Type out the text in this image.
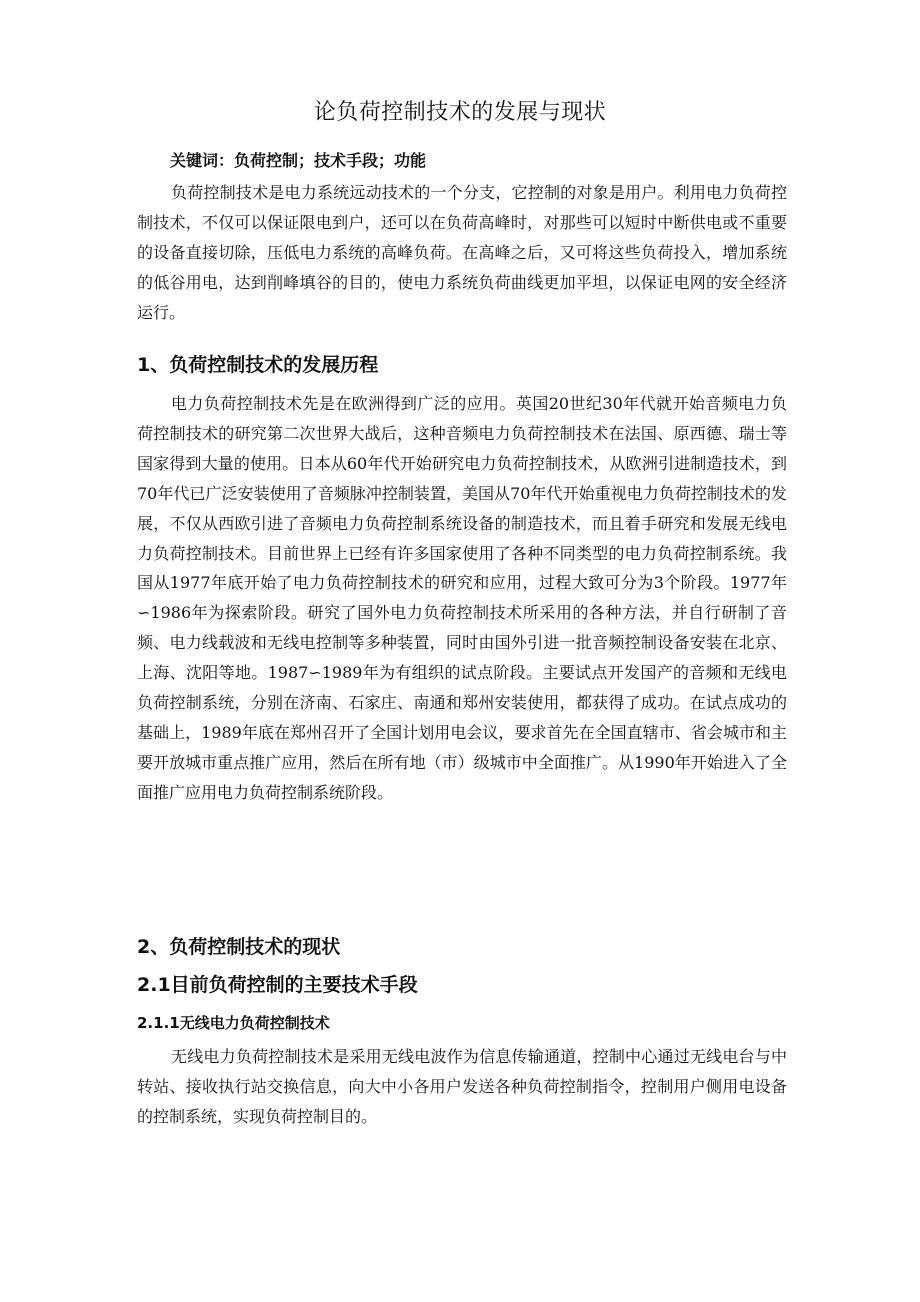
论负荷控制技术的发展与现状
关键词：负荷控制；技术手段；功能

负荷控制技术是电力系统远动技术的一个分支，它控制的对象是用户。利用电力负荷控制技术，不仅可以保证限电到户，还可以在负荷高峰时，对那些可以短时中断供电或不重要的设备直接切除，压低电力系统的高峰负荷。在高峰之后，又可将这些负荷投入，增加系统的低谷用电，达到削峰填谷的目的，使电力系统负荷曲线更加平坦，以保证电网的安全经济运行。

1、负荷控制技术的发展历程

电力负荷控制技术先是在欧洲得到广泛的应用。英国20世纪30年代就开始音频电力负荷控制技术的研究第二次世界大战后，这种音频电力负荷控制技术在法国、原西德、瑞士等国家得到大量的使用。日本从60年代开始研究电力负荷控制技术，从欧洲引进制造技术，到70年代已广泛安装使用了音频脉冲控制装置，美国从70年代开始重视电力负荷控制技术的发展，不仅从西欧引进了音频电力负荷控制系统设备的制造技术，而且着手研究和发展无线电力负荷控制技术。目前世界上已经有许多国家使用了各种不同类型的电力负荷控制系统。我国从1977年底开始了电力负荷控制技术的研究和应用，过程大致可分为3个阶段。1977年∽1986年为探索阶段。研究了国外电力负荷控制技术所采用的各种方法，并自行研制了音频、电力线载波和无线电控制等多种装置，同时由国外引进一批音频控制设备安装在北京、上海、沈阳等地。1987∽1989年为有组织的试点阶段。主要试点开发国产的音频和无线电负荷控制系统，分别在济南、石家庄、南通和郑州安装使用，都获得了成功。在试点成功的基础上，1989年底在郑州召开了全国计划用电会议，要求首先在全国直辖市、省会城市和主要开放城市重点推广应用，然后在所有地（市）级城市中全面推广。从1990年开始进入了全面推广应用电力负荷控制系统阶段。

2、负荷控制技术的现状
2.1目前负荷控制的主要技术手段
2.1.1无线电力负荷控制技术

无线电力负荷控制技术是采用无线电波作为信息传输通道，控制中心通过无线电台与中转站、接收执行站交换信息，向大中小各用户发送各种负荷控制指令，控制用户侧用电设备的控制系统，实现负荷控制目的。
